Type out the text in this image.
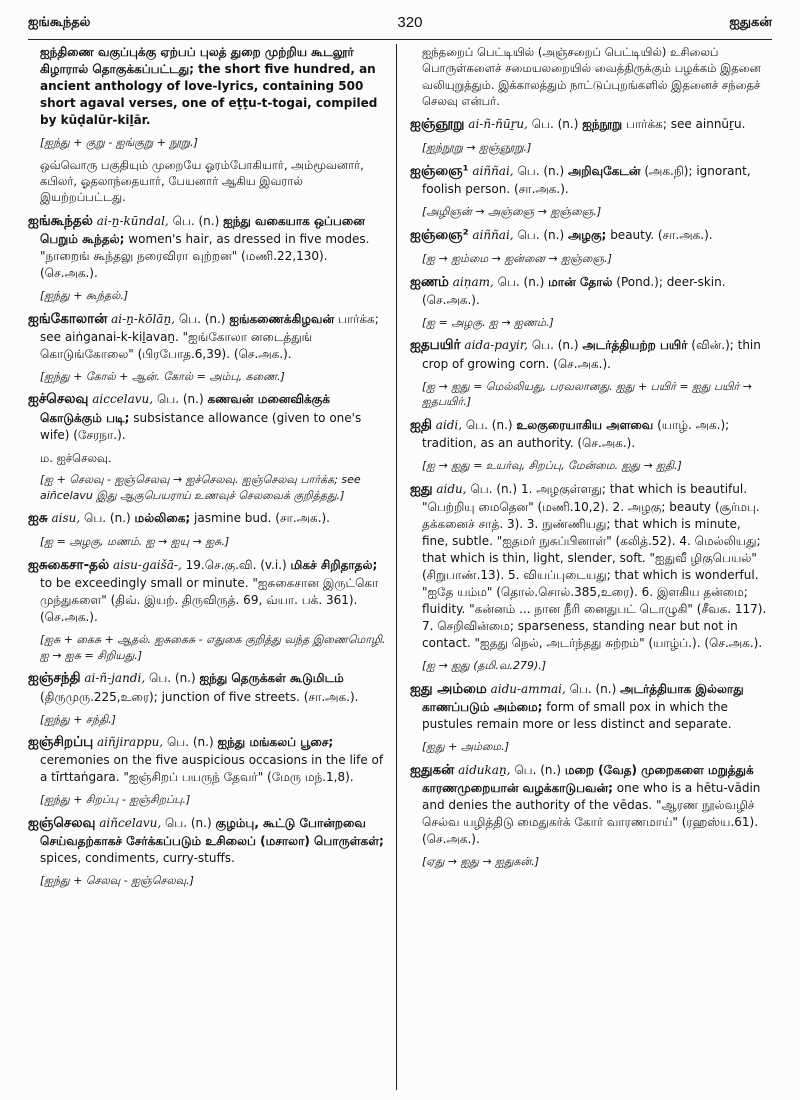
ஐங்கூந்தல்	320	ஐதுகன்

ஐந்திணை வகுப்புக்கு ஏற்பப் புலத் துறை முற்றிய கூடலூர் கிழாரால் தொகுக்கப்பட்டது; the short five hundred, an ancient anthology of love-lyrics, containing 500 short agaval verses, one of eṭṭu-t-togai, compiled by kūḍalūr-kiḻār.

[ஐந்து + குறு - ஐங்குறு + நூறு.]

ஒவ்வொரு பகுதியும் முறையே ஓரம்போகியார், அம்மூவனார், கபிலர், ஓதலாந்தையார், பேயனார் ஆகிய இவரால் இயற்றப்பட்டது.

ஐங்கூந்தல் ai-ṉ-kūndal, பெ. (n.) ஐந்து வகையாக ஒப்பனை பெறும் கூந்தல்; women's hair, as dressed in five modes. "நாறைங் கூந்தலு நரைவிரா வுற்றன" (மணி.22,130). (செ.அக.).

[ஐந்து + கூந்தல்.]

ஐங்கோலான் ai-ṉ-kōlāṉ, பெ. (n.) ஐங்கணைக்கிழவன் பார்க்க; see aiṅganai-k-kiḻavaṉ. "ஐங்கோலா னடைத்துங் கொடுங்கோலை" (பிரபோத.6,39). (செ.அக.).

[ஐந்து + கோல் + ஆன். கோல் = அம்பு, கணை.]

ஐச்செலவு aiccelavu, பெ. (n.) கணவன் மனைவிக்குக் கொடுக்கும் படி; subsistance allowance (given to one's wife) (சேரநா.).

ம. ஐச்செலவு.

[ஐ + செலவு - ஐஞ்செலவு → ஐச்செலவு. ஐஞ்செலவு பார்க்க; see aiñcelavu இது ஆகுபெயராய் உணவுச் செலவைக் குறித்தது.]

ஐசு aisu, பெ. (n.) மல்லிகை; jasmine bud. (சா.அக.).

[ஐ = அழகு, மணம். ஐ → ஐயு → ஐசு.]

ஐசுகைசா-தல் aisu-gaišā-, 19.செ.கு.வி. (v.i.) மிகச் சிறிதாதல்; to be exceedingly small or minute. "ஐசுகைசான இருட்கொ முந்துகளை" (திவ். இயற். திருவிருத். 69, வ்யா. பக். 361). (செ.அக.).

[ஐசு + கைசு + ஆதல். ஐசுகைசு - எதுகை குறித்து வந்த இணைமொழி. ஐ → ஐசு = சிறியது.]

ஐஞ்சந்தி ai-ñ-jandi, பெ. (n.) ஐந்து தெருக்கள் கூடுமிடம் (திருமுரு.225,உரை); junction of five streets. (சா.அக.).

[ஐந்து + சந்தி.]

ஐஞ்சிறப்பு aiñjirappu, பெ. (n.) ஐந்து மங்கலப் பூசை; ceremonies on the five auspicious occasions in the life of a tīrttaṅgara. "ஐஞ்சிறப் பயருந் தேவர்" (மேரு மந்.1,8).

[ஐந்து + சிறப்பு - ஐஞ்சிறப்பு.]

ஐஞ்செலவு aiñcelavu, பெ. (n.) குழம்பு, கூட்டு போன்றவை செய்வதற்காகச் சேர்க்கப்படும் உசிலைப் (மசாலா) பொருள்கள்; spices, condiments, curry-stuffs.

[ஐந்து + செலவு - ஐஞ்செலவு.]

ஐந்தறைப் பெட்டியில் (அஞ்சறைப் பெட்டியில்) உசிலைப் பொருள்களைச் சமையலறையில் வைத்திருக்கும் பழக்கம் இதனை வலியுறுத்தும். இக்காலத்தும் நாட்டுப்புறங்களில் இதனைச் சந்தைச் செலவு என்பர்.

ஐஞ்ஞூறு ai-ñ-ñūṟu, பெ. (n.) ஐந்நூறு பார்க்க; see ainnūṟu.

[ஐந்நூறு → ஐஞ்ஞூறு.]

ஐஞ்ஞை¹ aiññai, பெ. (n.) அறிவுகேடன் (அக.நி); ignorant, foolish person. (சா.அக.).

[அழிஞன் → அஞ்ஞை → ஐஞ்ஞை.]

ஐஞ்ஞை² aiññai, பெ. (n.) அழகு; beauty. (சா.அக.).

[ஐ → ஐம்மை → ஐன்னை → ஐஞ்ஞை.]

ஐணம் aiṇam, பெ. (n.) மான் தோல் (Pond.); deer-skin. (செ.அக.).

[ஐ = அழகு. ஐ → ஐணம்.]

ஐதபயிர் aida-payir, பெ. (n.) அடர்த்தியற்ற பயிர் (வின்.); thin crop of growing corn. (செ.அக.).

[ஐ → ஐது = மெல்லியது, பரவலானது. ஐது + பயிர் = ஐது பயிர் → ஐதபயிர்.]

ஐதி aidi, பெ. (n.) உலகுரையாகிய அளவை (யாழ். அக.); tradition, as an authority. (செ.அக.).

[ஐ → ஐது = உயர்வு, சிறப்பு, மேன்மை. ஐது → ஐதி.]

ஐது aidu, பெ. (n.) 1. அழகுள்ளது; that which is beautiful. "பெற்றியு மைதென" (மணி.10,2). 2. அழகு; beauty (சூர்மபு. தக்கனைச் சாத். 3). 3. நுண்ணியது; that which is minute, fine, subtle. "ஐதமர் நுசுப்பினாள்" (கலித்.52). 4. மெல்லியது; that which is thin, light, slender, soft. "ஐதுவீ ழிகுபெயல்" (சிறுபாண்.13). 5. வியப்புடையது; that which is wonderful. "ஐதே யம்ம" (தொல்.சொல்.385,உரை). 6. இளகிய தன்மை; fluidity. "கன்னம் ... நான நீரி னைதுபட் டொழுகி" (சீவக. 117). 7. செறிவின்மை; sparseness, standing near but not in contact. "ஐதது நெல், அடர்ந்தது சுற்றம்" (யாழ்ப்.). (செ.அக.).

[ஐ → ஐது (தமி.வ.279).]

ஐது அம்மை aidu-ammai, பெ. (n.) அடர்த்தியாக இல்லாது காணப்படும் அம்மை; form of small pox in which the pustules remain more or less distinct and separate.

[ஐது + அம்மை.]

ஐதுகன் aidukaṉ, பெ. (n.) மறை (வேத) முறைகளை மறுத்துக் காரணமுறையான் வழக்காடுபவன்; one who is a hētu-vādin and denies the authority of the vēdas. "ஆரண நூல்வழிச் செல்வ யழித்திடு மைதுகர்க் கோர் வாரணமாய்" (ரஹஸ்ய.61). (செ.அக.).

[ஏது → ஐது → ஐதுகன்.]
